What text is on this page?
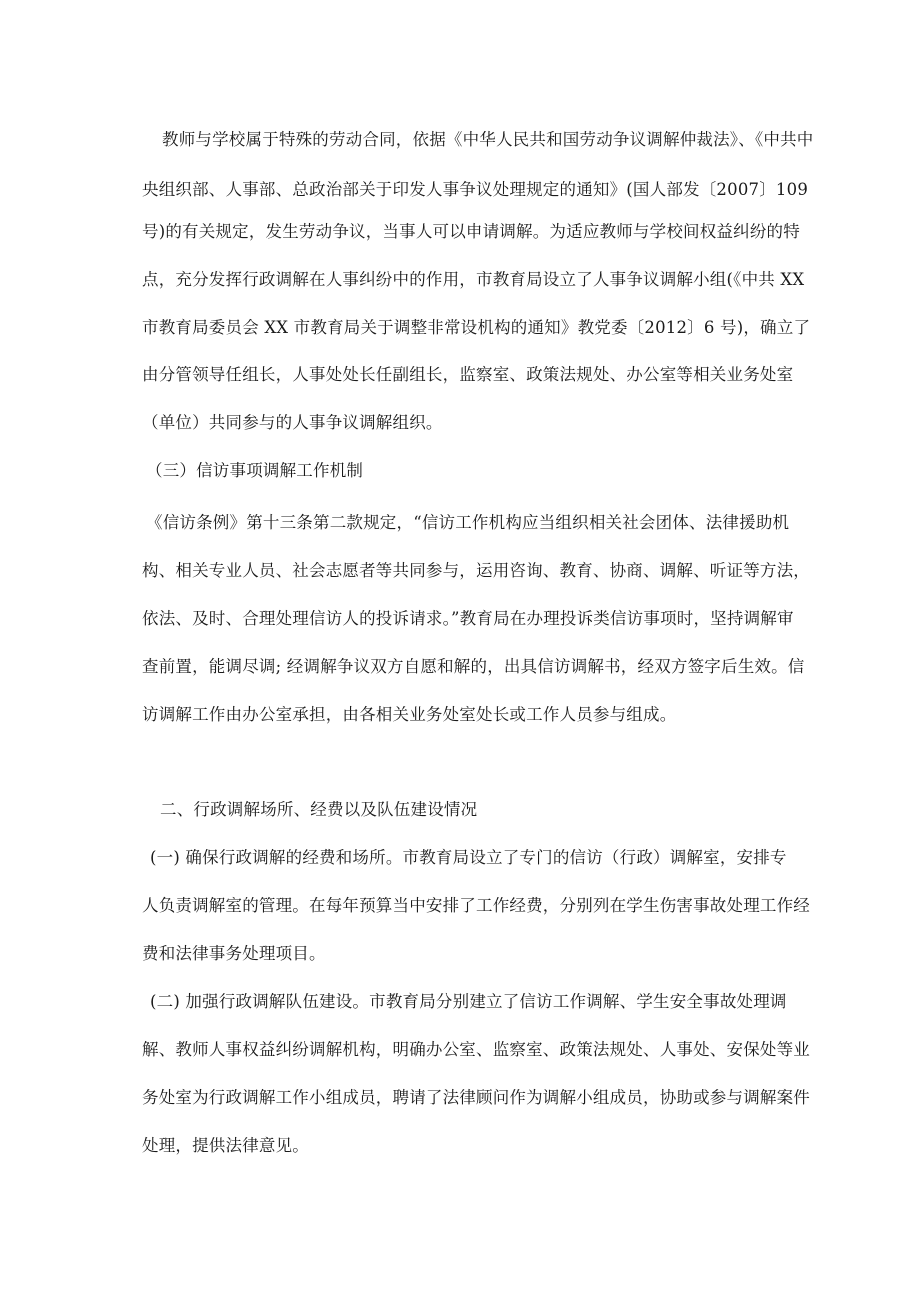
教师与学校属于特殊的劳动合同，依据《中华人民共和国劳动争议调解仲裁法》、《中共中
央组织部、人事部、总政治部关于印发人事争议处理规定的通知》(国人部发〔2007〕109
号)的有关规定，发生劳动争议，当事人可以申请调解。为适应教师与学校间权益纠纷的特
点，充分发挥行政调解在人事纠纷中的作用，市教育局设立了人事争议调解小组(《中共 XX
市教育局委员会 XX 市教育局关于调整非常设机构的通知》教党委〔2012〕6 号)，确立了
由分管领导任组长，人事处处长任副组长，监察室、政策法规处、办公室等相关业务处室
（单位）共同参与的人事争议调解组织。
（三）信访事项调解工作机制
《信访条例》第十三条第二款规定，“信访工作机构应当组织相关社会团体、法律援助机
构、相关专业人员、社会志愿者等共同参与，运用咨询、教育、协商、调解、听证等方法，
依法、及时、合理处理信访人的投诉请求。”教育局在办理投诉类信访事项时，坚持调解审
查前置，能调尽调; 经调解争议双方自愿和解的，出具信访调解书，经双方签字后生效。信
访调解工作由办公室承担，由各相关业务处室处长或工作人员参与组成。
二、行政调解场所、经费以及队伍建设情况
(一) 确保行政调解的经费和场所。市教育局设立了专门的信访（行政）调解室，安排专
人负责调解室的管理。在每年预算当中安排了工作经费，分别列在学生伤害事故处理工作经
费和法律事务处理项目。
(二) 加强行政调解队伍建设。市教育局分别建立了信访工作调解、学生安全事故处理调
解、教师人事权益纠纷调解机构，明确办公室、监察室、政策法规处、人事处、安保处等业
务处室为行政调解工作小组成员，聘请了法律顾问作为调解小组成员，协助或参与调解案件
处理，提供法律意见。
